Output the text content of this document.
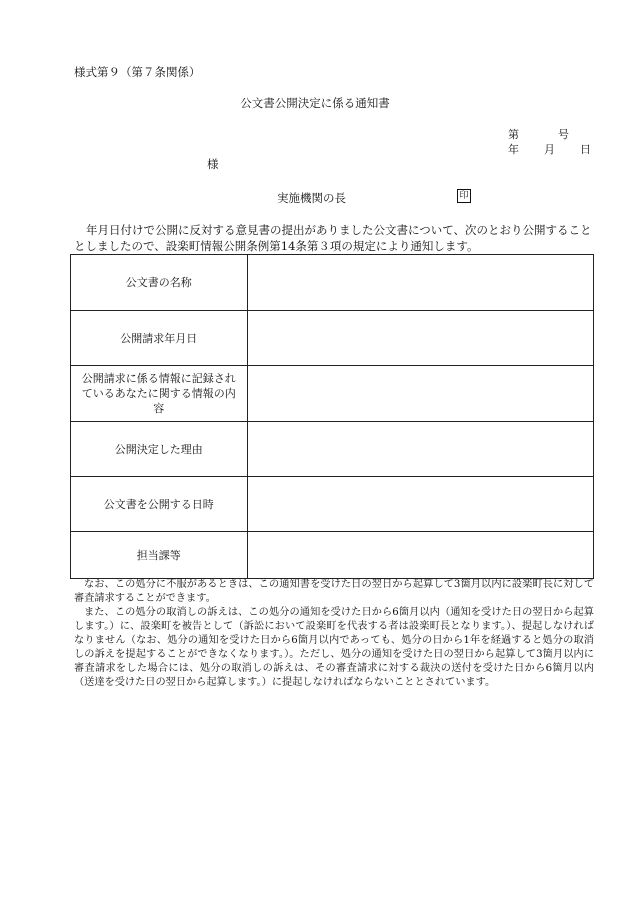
様式第９（第７条関係）
公文書公開決定に係る通知書
第	号
年	月	日
様
実施機関の長	印
年月日付けで公開に反対する意見書の提出がありました公文書について、次のとおり公開することとしましたので、設楽町情報公開条例第14条第３項の規定により通知します。
公文書の名称	
公開請求年月日	
公開請求に係る情報に記録されているあなたに関する情報の内容	
公開決定した理由	
公文書を公開する日時	
担当課等	

なお、この処分に不服があるときは、この通知書を受けた日の翌日から起算して3箇月以内に設楽町長に対して審査請求することができます。

また、この処分の取消しの訴えは、この処分の通知を受けた日から6箇月以内（通知を受けた日の翌日から起算します。）に、設楽町を被告として（訴訟において設楽町を代表する者は設楽町長となります。）、提起しなければなりません（なお、処分の通知を受けた日から6箇月以内であっても、処分の日から1年を経過すると処分の取消しの訴えを提起することができなくなります。）。ただし、処分の通知を受けた日の翌日から起算して3箇月以内に審査請求をした場合には、処分の取消しの訴えは、その審査請求に対する裁決の送付を受けた日から6箇月以内（送達を受けた日の翌日から起算します。）に提起しなければならないこととされています。
